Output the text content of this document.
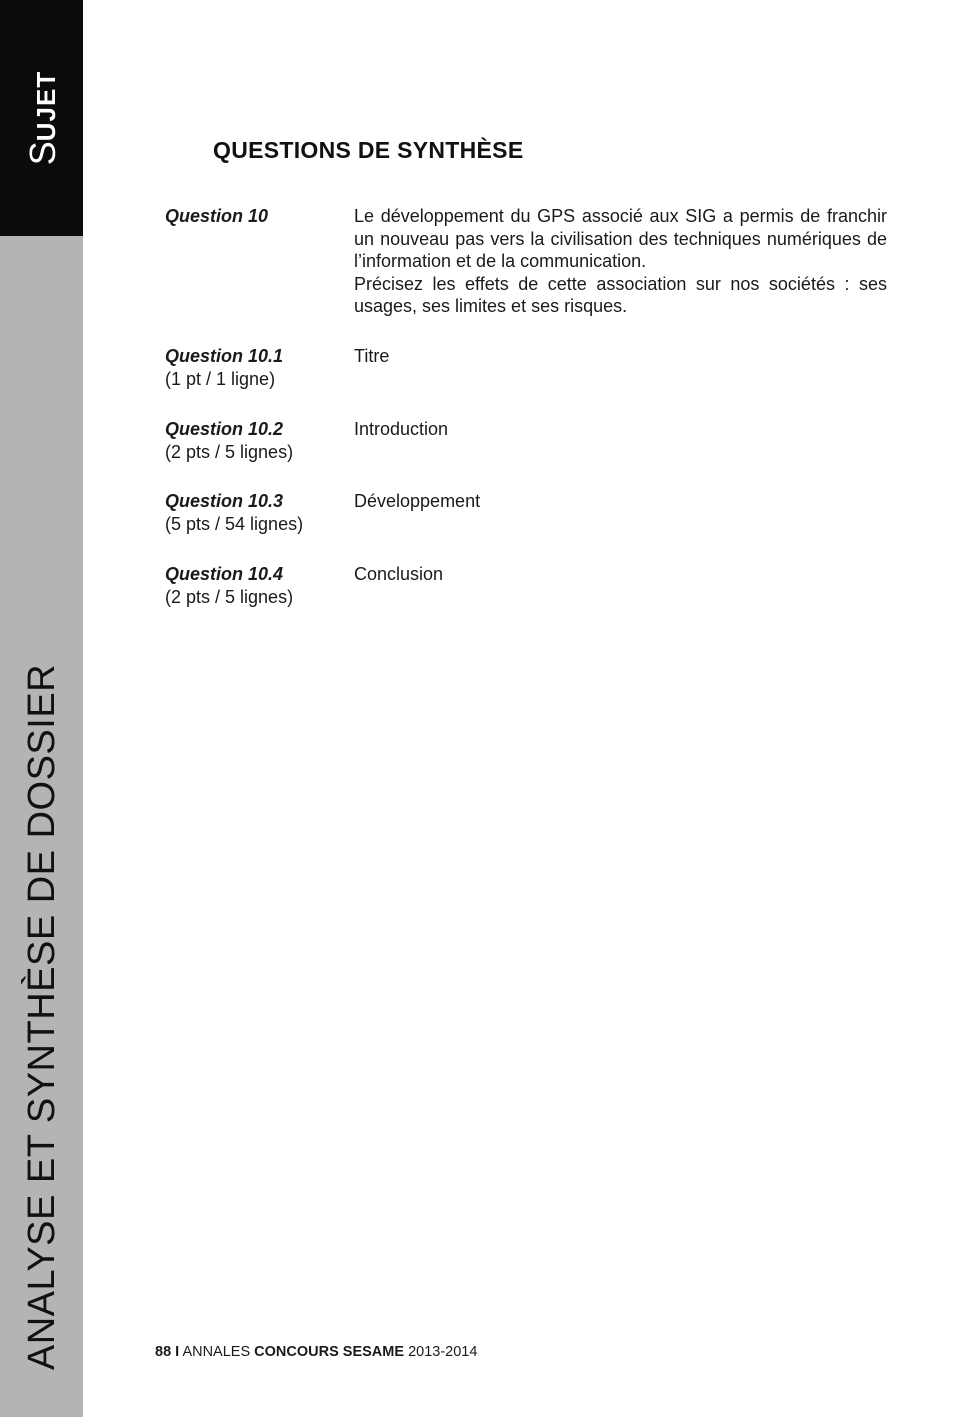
SUJET
ANALYSE ET SYNTHÈSE DE DOSSIER
QUESTIONS DE SYNTHÈSE
Question 10	Le développement du GPS associé aux SIG a permis de franchir un nouveau pas vers la civilisation des techniques numériques de l’information et de la communication.

Précisez les effets de cette association sur nos sociétés : ses usages, ses limites et ses risques.

Question 10.1
(1 pt / 1 ligne)

Titre

Question 10.2
(2 pts / 5 lignes)

Introduction

Question 10.3
(5 pts / 54 lignes)

Développement

Question 10.4
(2 pts / 5 lignes)

Conclusion

88 I ANNALES CONCOURS SESAME 2013-2014
